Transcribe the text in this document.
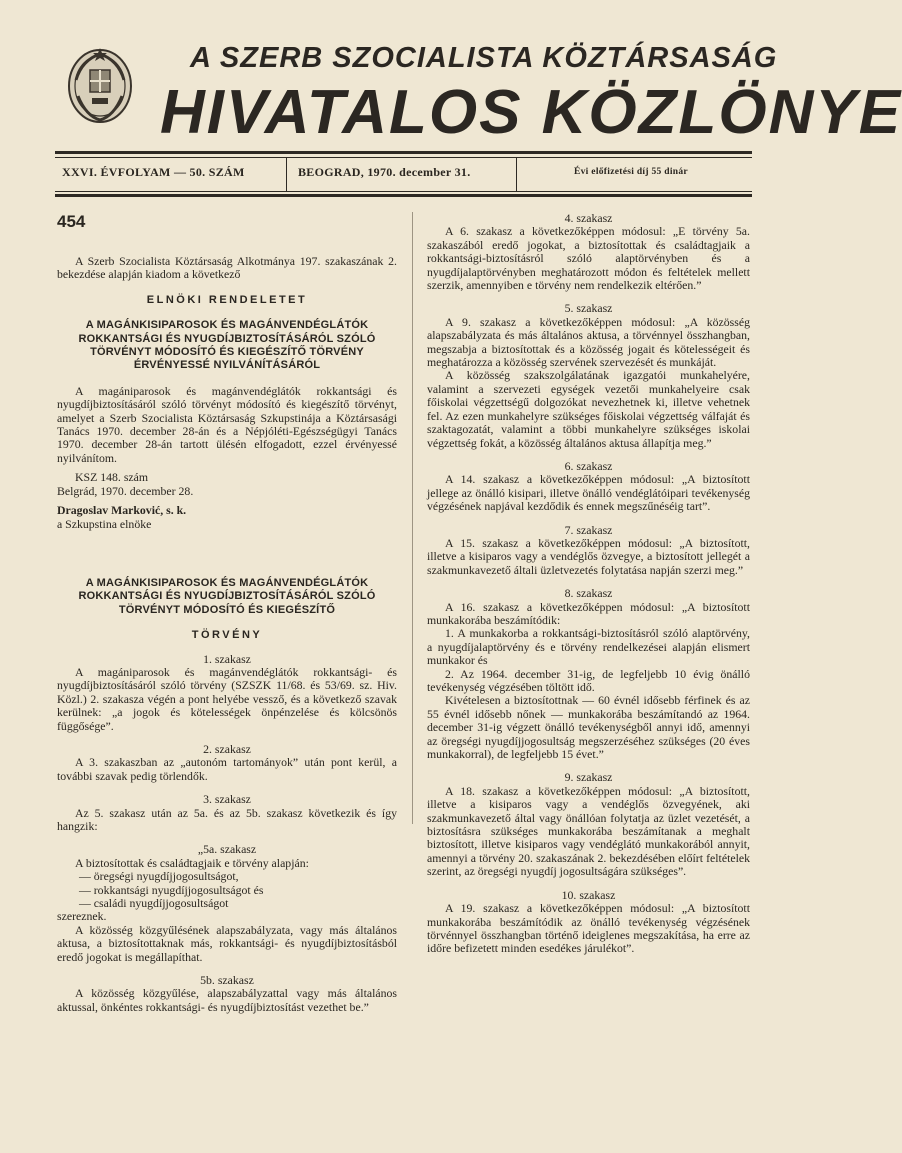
A SZERB SZOCIALISTA KÖZTÁRSASÁG
HIVATALOS KÖZLÖNYE
XXVI. ÉVFOLYAM — 50. SZÁM	BEOGRAD, 1970. december 31.	Évi előfizetési díj 55 dinár
454

A Szerb Szocialista Köztársaság Alkotmánya 197. szakaszának 2. bekezdése alapján kiadom a következő

ELNÖKI RENDELETET

A MAGÁNKISIPAROSOK ÉS MAGÁNVENDÉGLÁTÓK ROKKANTSÁGI ÉS NYUGDÍJBIZTOSÍTÁSÁRÓL SZÓLÓ TÖRVÉNYT MÓDOSÍTÓ ÉS KIEGÉSZÍTŐ TÖRVÉNY ÉRVÉNYESSÉ NYILVÁNÍTÁSÁRÓL

A magániparosok és magánvendéglátók rokkantsági és nyugdíjbiztosításáról szóló törvényt módosító és kiegészítő törvényt, amelyet a Szerb Szocialista Köztársaság Szkupstinája a Köztársasági Tanács 1970. december 28-án és a Népjóléti-Egészségügyi Tanács 1970. december 28-án tartott ülésén elfogadott, ezzel érvényessé nyilvánítom.

KSZ 148. szám

Belgrád, 1970. december 28.

Dragoslav Marković, s. k.

a Szkupstina elnöke

A MAGÁNKISIPAROSOK ÉS MAGÁNVENDÉGLÁTÓK ROKKANTSÁGI ÉS NYUGDÍJBIZTOSÍTÁSÁRÓL SZÓLÓ TÖRVÉNYT MÓDOSÍTÓ ÉS KIEGÉSZÍTŐ

TÖRVÉNY

1. szakasz

A magániparosok és magánvendéglátók rokkantsági- és nyugdíjbiztosításáról szóló törvény (SZSZK 11/68. és 53/69. sz. Hiv. Közl.) 2. szakasza végén a pont helyébe vessző, és a következő szavak kerülnek: „a jogok és kötelességek önpénzelése és kölcsönös függősége”.

2. szakasz

A 3. szakaszban az „autonóm tartományok” után pont kerül, a további szavak pedig törlendők.

3. szakasz

Az 5. szakasz után az 5a. és az 5b. szakasz következik és így hangzik:

„5a. szakasz

A biztosítottak és családtagjaik e törvény alapján:

— öregségi nyugdíjjogosultságot,

— rokkantsági nyugdíjjogosultságot és

— családi nyugdíjjogosultságot

szereznek.

A közösség közgyűlésének alapszabályzata, vagy más általános aktusa, a biztosítottaknak más, rokkantsági- és nyugdíjbiztosításból eredő jogokat is megállapíthat.

5b. szakasz

A közösség közgyűlése, alapszabályzattal vagy más általános aktussal, önkéntes rokkantsági- és nyugdíjbiztosítást vezethet be.”

4. szakasz

A 6. szakasz a következőképpen módosul: „E törvény 5a. szakaszából eredő jogokat, a biztosítottak és családtagjaik a rokkantsági-biztosításról szóló alaptörvényben és a nyugdíjalaptörvényben meghatározott módon és feltételek mellett szerzik, amennyiben e törvény nem rendelkezik eltérően.”

5. szakasz

A 9. szakasz a következőképpen módosul: „A közösség alapszabályzata és más általános aktusa, a törvénnyel összhangban, megszabja a biztosítottak és a közösség jogait és kötelességeit és meghatározza a közösség szervének szervezését és munkáját.

A közösség szakszolgálatának igazgatói munkahelyére, valamint a szervezeti egységek vezetői munkahelyeire csak főiskolai végzettségű dolgozókat nevezhetnek ki, illetve vehetnek fel. Az ezen munkahelyre szükséges főiskolai végzettség válfaját és szaktagozatát, valamint a többi munkahelyre szükséges iskolai végzettség fokát, a közösség általános aktusa állapítja meg.”

6. szakasz

A 14. szakasz a következőképpen módosul: „A biztosított jellege az önálló kisipari, illetve önálló vendéglátóipari tevékenység végzésének napjával kezdődik és ennek megszűnéséig tart”.

7. szakasz

A 15. szakasz a következőképpen módosul: „A biztosított, illetve a kisiparos vagy a vendéglős özvegye, a biztosított jellegét a szakmunkavezető általi üzletvezetés folytatása napján szerzi meg.”

8. szakasz

A 16. szakasz a következőképpen módosul: „A biztosított munkakorába beszámítódik:

1. A munkakorba a rokkantsági-biztosításról szóló alaptörvény, a nyugdíjalaptörvény és e törvény rendelkezései alapján elismert munkakor és

2. Az 1964. december 31-ig, de legfeljebb 10 évig önálló tevékenység végzésében töltött idő.

Kivételesen a biztosítottnak — 60 évnél idősebb férfinek és az 55 évnél idősebb nőnek — munkakorába beszámítandó az 1964. december 31-ig végzett önálló tevékenységből annyi idő, amennyi az öregségi nyugdíjjogosultság megszerzéséhez szükséges (20 éves munkakorral), de legfeljebb 15 évet.”

9. szakasz

A 18. szakasz a következőképpen módosul: „A biztosított, illetve a kisiparos vagy a vendéglős özvegyének, aki szakmunkavezető által vagy önállóan folytatja az üzlet vezetését, a biztosításra szükséges munkakorába beszámítanak a meghalt biztosított, illetve kisiparos vagy vendéglátó munkakorából annyit, amennyi a törvény 20. szakaszának 2. bekezdésében előírt feltételek szerint, az öregségi nyugdíj jogosultságára szükséges”.

10. szakasz

A 19. szakasz a következőképpen módosul: „A biztosított munkakorába beszámítódik az önálló tevékenység végzésének törvénnyel összhangban történő ideiglenes megszakítása, ha erre az időre befizetett minden esedékes járulékot”.
